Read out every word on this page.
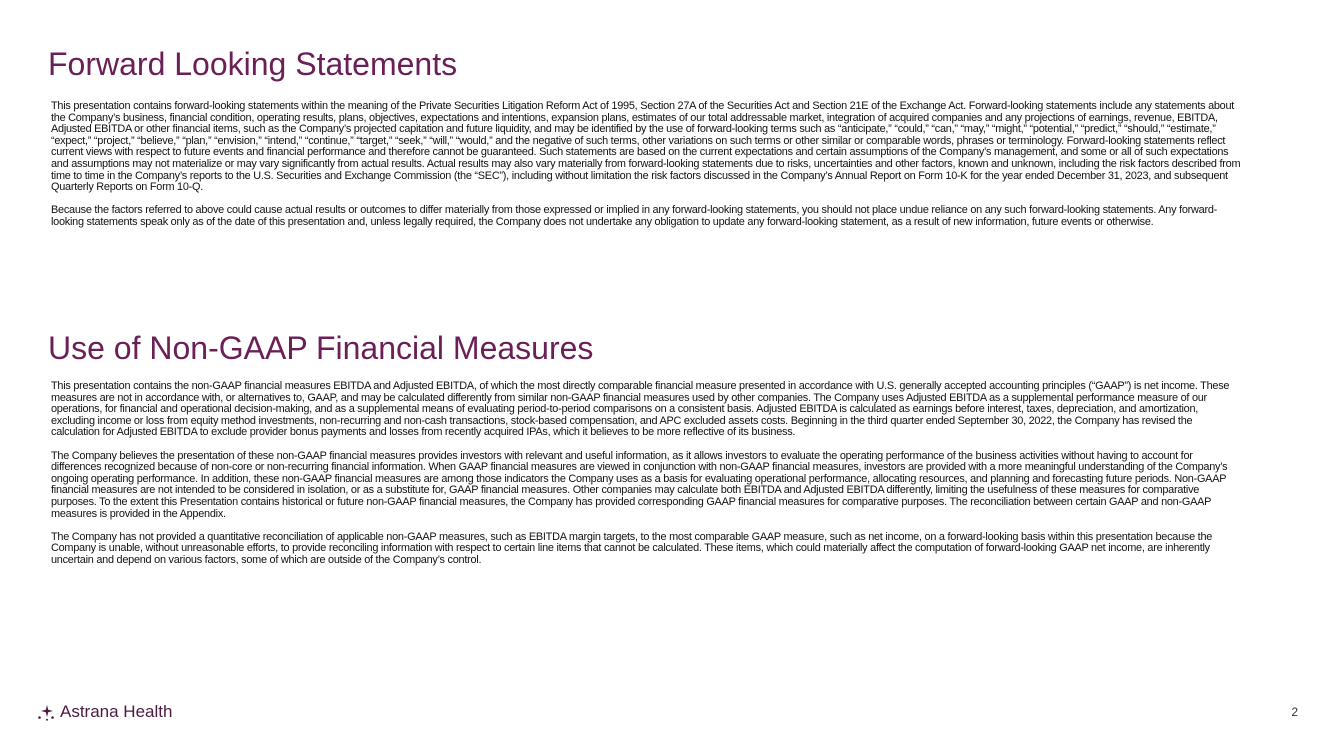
Forward Looking Statements

This presentation contains forward-looking statements within the meaning of the Private Securities Litigation Reform Act of 1995, Section 27A of the Securities Act and Section 21E of the Exchange Act. Forward-looking statements include any statements about the Company’s business, financial condition, operating results, plans, objectives, expectations and intentions, expansion plans, estimates of our total addressable market, integration of acquired companies and any projections of earnings, revenue, EBITDA, Adjusted EBITDA or other financial items, such as the Company’s projected capitation and future liquidity, and may be identified by the use of forward-looking terms such as “anticipate,” “could,” “can,” “may,” “might,” “potential,” “predict,” “should,” “estimate,” “expect,” “project,” “believe,” “plan,” “envision,” “intend,” “continue,” “target,” “seek,” “will,” “would,” and the negative of such terms, other variations on such terms or other similar or comparable words, phrases or terminology. Forward-looking statements reflect current views with respect to future events and financial performance and therefore cannot be guaranteed. Such statements are based on the current expectations and certain assumptions of the Company’s management, and some or all of such expectations and assumptions may not materialize or may vary significantly from actual results. Actual results may also vary materially from forward-looking statements due to risks, uncertainties and other factors, known and unknown, including the risk factors described from time to time in the Company’s reports to the U.S. Securities and Exchange Commission (the “SEC”), including without limitation the risk factors discussed in the Company’s Annual Report on Form 10-K for the year ended December 31, 2023, and subsequent Quarterly Reports on Form 10-Q.

Because the factors referred to above could cause actual results or outcomes to differ materially from those expressed or implied in any forward-looking statements, you should not place undue reliance on any such forward-looking statements. Any forward-looking statements speak only as of the date of this presentation and, unless legally required, the Company does not undertake any obligation to update any forward-looking statement, as a result of new information, future events or otherwise.

Use of Non-GAAP Financial Measures

This presentation contains the non-GAAP financial measures EBITDA and Adjusted EBITDA, of which the most directly comparable financial measure presented in accordance with U.S. generally accepted accounting principles (“GAAP”) is net income. These measures are not in accordance with, or alternatives to, GAAP, and may be calculated differently from similar non-GAAP financial measures used by other companies. The Company uses Adjusted EBITDA as a supplemental performance measure of our operations, for financial and operational decision-making, and as a supplemental means of evaluating period-to-period comparisons on a consistent basis. Adjusted EBITDA is calculated as earnings before interest, taxes, depreciation, and amortization, excluding income or loss from equity method investments, non-recurring and non-cash transactions, stock-based compensation, and APC excluded assets costs. Beginning in the third quarter ended September 30, 2022, the Company has revised the calculation for Adjusted EBITDA to exclude provider bonus payments and losses from recently acquired IPAs, which it believes to be more reflective of its business.

The Company believes the presentation of these non-GAAP financial measures provides investors with relevant and useful information, as it allows investors to evaluate the operating performance of the business activities without having to account for differences recognized because of non-core or non-recurring financial information. When GAAP financial measures are viewed in conjunction with non-GAAP financial measures, investors are provided with a more meaningful understanding of the Company’s ongoing operating performance. In addition, these non-GAAP financial measures are among those indicators the Company uses as a basis for evaluating operational performance, allocating resources, and planning and forecasting future periods. Non-GAAP financial measures are not intended to be considered in isolation, or as a substitute for, GAAP financial measures. Other companies may calculate both EBITDA and Adjusted EBITDA differently, limiting the usefulness of these measures for comparative purposes. To the extent this Presentation contains historical or future non-GAAP financial measures, the Company has provided corresponding GAAP financial measures for comparative purposes. The reconciliation between certain GAAP and non-GAAP measures is provided in the Appendix.

The Company has not provided a quantitative reconciliation of applicable non-GAAP measures, such as EBITDA margin targets, to the most comparable GAAP measure, such as net income, on a forward-looking basis within this presentation because the Company is unable, without unreasonable efforts, to provide reconciling information with respect to certain line items that cannot be calculated. These items, which could materially affect the computation of forward-looking GAAP net income, are inherently uncertain and depend on various factors, some of which are outside of the Company’s control.

Astrana Health	2
